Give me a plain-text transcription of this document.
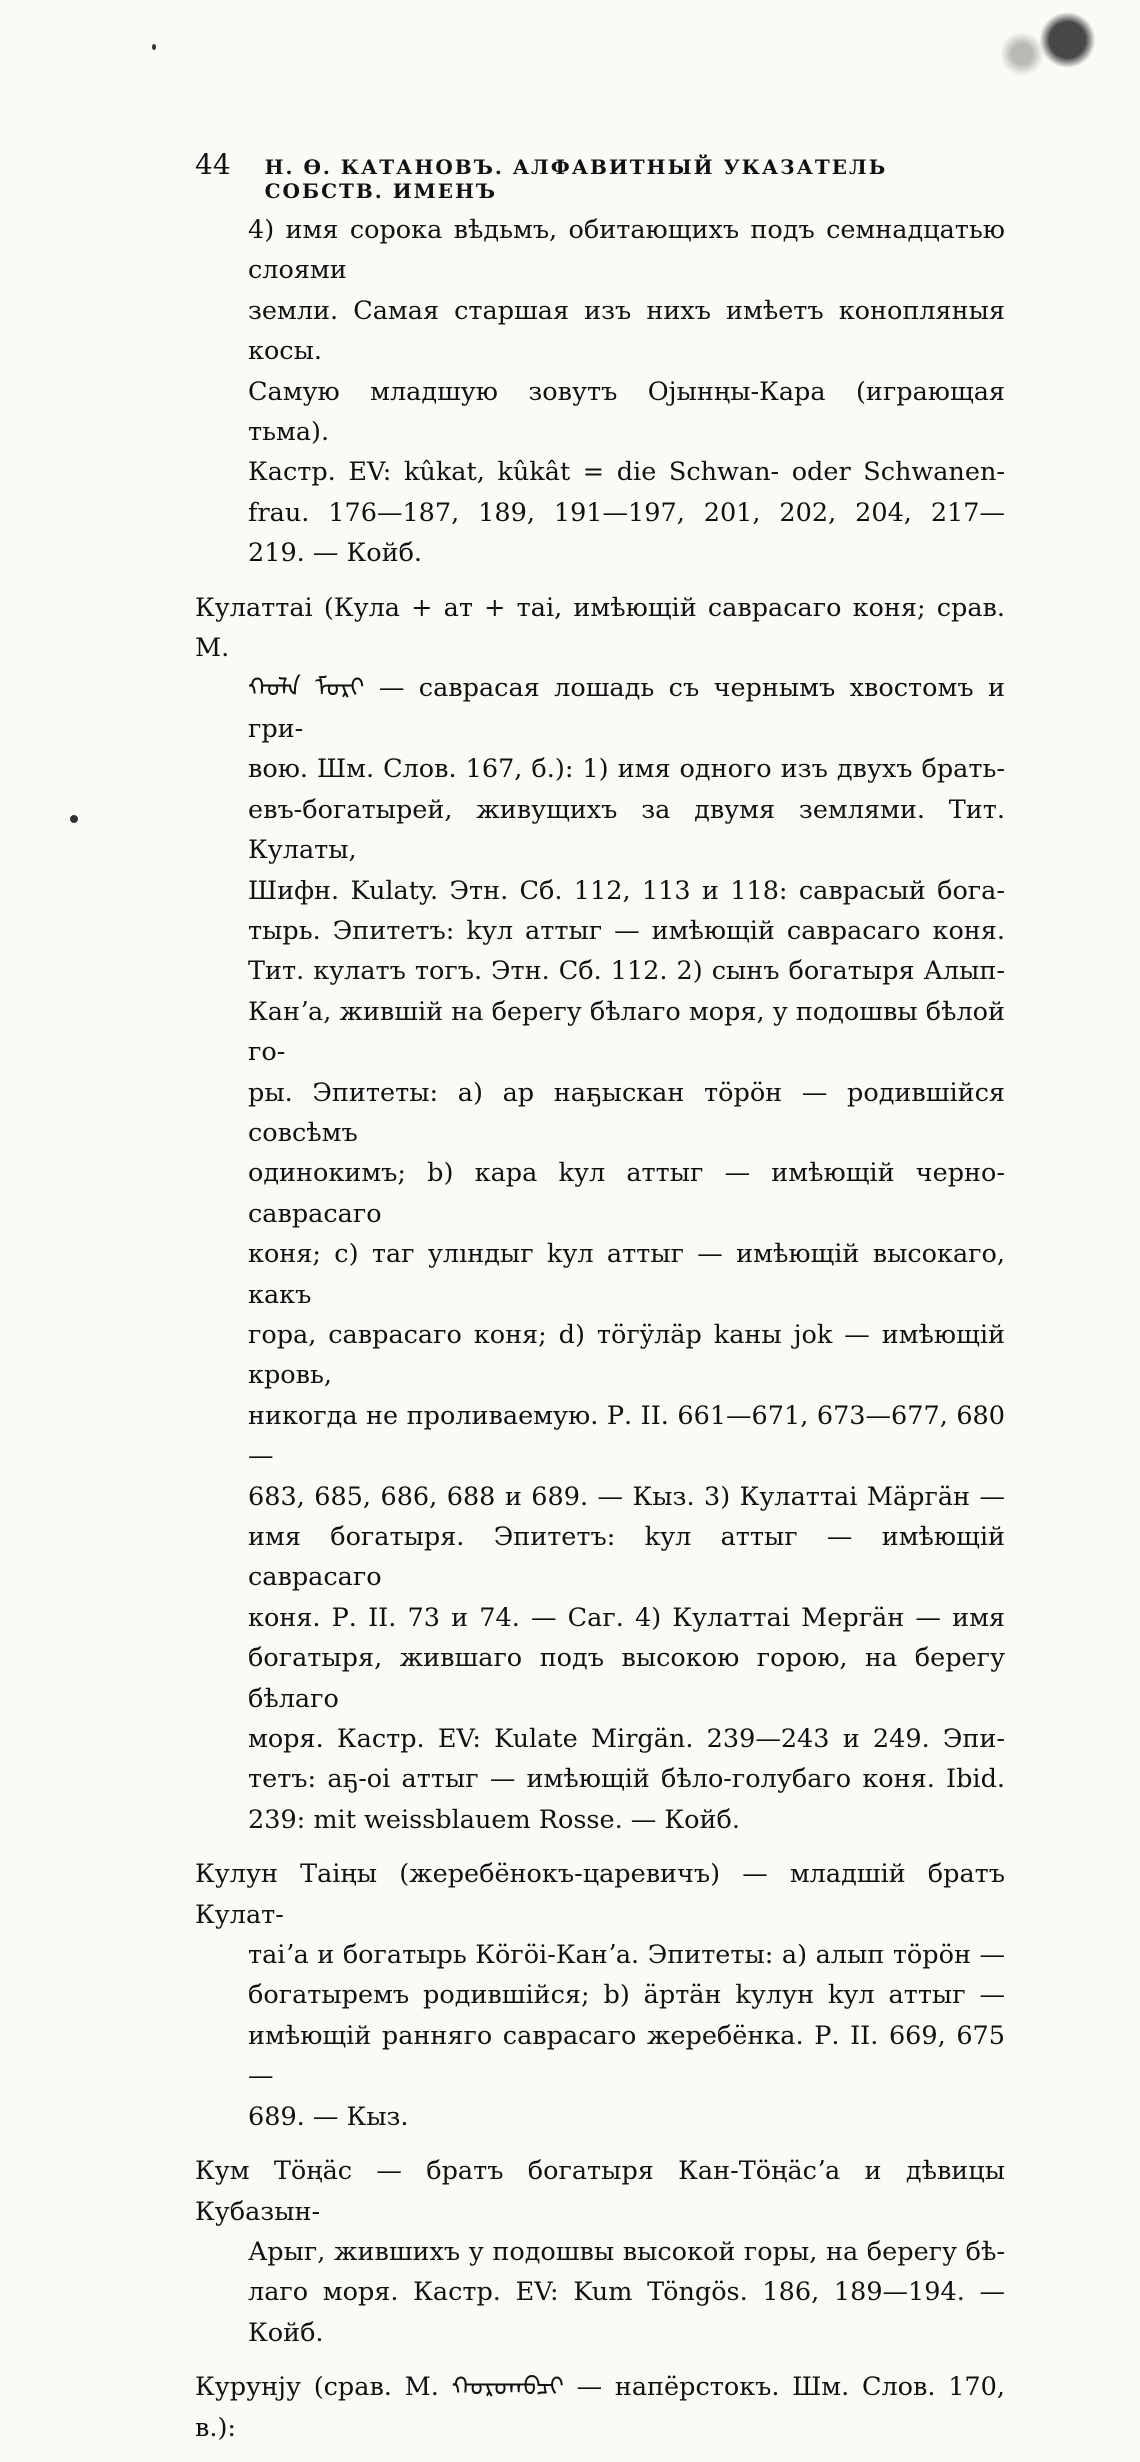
44 Н. Ѳ. КАТАНОВЪ. АЛФАВИТНЫЙ УКАЗАТЕЛЬ СОБСТВ. ИМЕНЪ
4) имя сорока вѣдьмъ, обитающихъ подъ семнадцатью слоями
земли. Самая старшая изъ нихъ имѣетъ конопляныя косы.
Самую младшую зовутъ Оjынңы-Кара (играющая тьма).
Кастр. EV: kûkat, kûkât = die Schwan- oder Schwanen-
frau. 176—187, 189, 191—197, 201, 202, 204, 217—
219. — Койб.
Кулаттаі (Кула + ат + таі, имѣющій саврасаго коня; срав. М.
ᠬᠤᠯᠠ ᠮᠣᠷᠢ — саврасая лошадь съ чернымъ хвостомъ и гри-
вою. Шм. Слов. 167, б.): 1) имя одного изъ двухъ брать-
евъ-богатырей, живущихъ за двумя землями. Тит. Кулаты,
Шифн. Kulaty. Этн. Сб. 112, 113 и 118: саврасый бога-
тырь. Эпитетъ: kул аттыг — имѣющій саврасаго коня.
Тит. кулатъ тогъ. Этн. Сб. 112. 2) сынъ богатыря Алып-
Канʼа, жившій на берегу бѣлаго моря, у подошвы бѣлой го-
ры. Эпитеты: а) ар наҕыскан тöрöн — родившійся совсѣмъ
одинокимъ; b) кара kул аттыг — имѣющій черно-саврасаго
коня; с) таг улıндыг kул аттыг — имѣющій высокаго, какъ
гора, саврасаго коня; d) тöгÿлäр kаны jok — имѣющій кровь,
никогда не проливаемую. Р. II. 661—671, 673—677, 680—
683, 685, 686, 688 и 689. — Кыз. 3) Кулаттаі Мäргäн —
имя богатыря. Эпитетъ: kул аттыг — имѣющій саврасаго
коня. Р. II. 73 и 74. — Саг. 4) Кулаттаі Мергäн — имя
богатыря, жившаго подъ высокою горою, на берегу бѣлаго
моря. Кастр. EV: Kulate Mirgän. 239—243 и 249. Эпи-
тетъ: аҕ-оі аттыг — имѣющій бѣло-голубаго коня. Ibid.
239: mit weissblauem Rosse. — Койб.
Кулун Таіңы (жеребёнокъ-царевичъ) — младшій братъ Кулат-
таіʼа и богатырь Кöгöі-Канʼа. Эпитеты: а) алып тöрöн —
богатыремъ родившійся; b) äртäн kулун kул аттыг —
имѣющій ранняго саврасаго жеребёнка. Р. II. 669, 675—
689. — Кыз.
Кум Тöңäс — братъ богатыря Кан-Тöңäсʼа и дѣвицы Кубазын-
Арыг, жившихъ у подошвы высокой горы, на берегу бѣ-
лаго моря. Кастр. EV: Kum Töngös. 186, 189—194. —
Койб.
Курунjу (срав. М. ᠬᠤᠷᠤᠭᠪᠴᠢ — напёрстокъ. Шм. Слов. 170, в.):
